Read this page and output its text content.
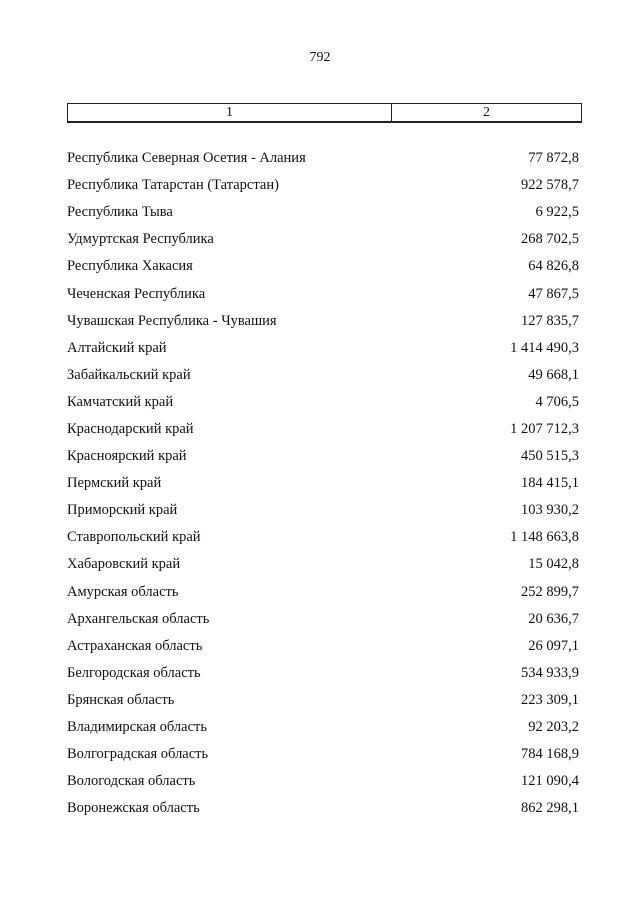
792
1	2
Республика Северная Осетия - Алания	77 872,8
Республика Татарстан (Татарстан)	922 578,7
Республика Тыва	6 922,5
Удмуртская Республика	268 702,5
Республика Хакасия	64 826,8
Чеченская Республика	47 867,5
Чувашская Республика - Чувашия	127 835,7
Алтайский край	1 414 490,3
Забайкальский край	49 668,1
Камчатский край	4 706,5
Краснодарский край	1 207 712,3
Красноярский край	450 515,3
Пермский край	184 415,1
Приморский край	103 930,2
Ставропольский край	1 148 663,8
Хабаровский край	15 042,8
Амурская область	252 899,7
Архангельская область	20 636,7
Астраханская область	26 097,1
Белгородская область	534 933,9
Брянская область	223 309,1
Владимирская область	92 203,2
Волгоградская область	784 168,9
Вологодская область	121 090,4
Воронежская область	862 298,1
